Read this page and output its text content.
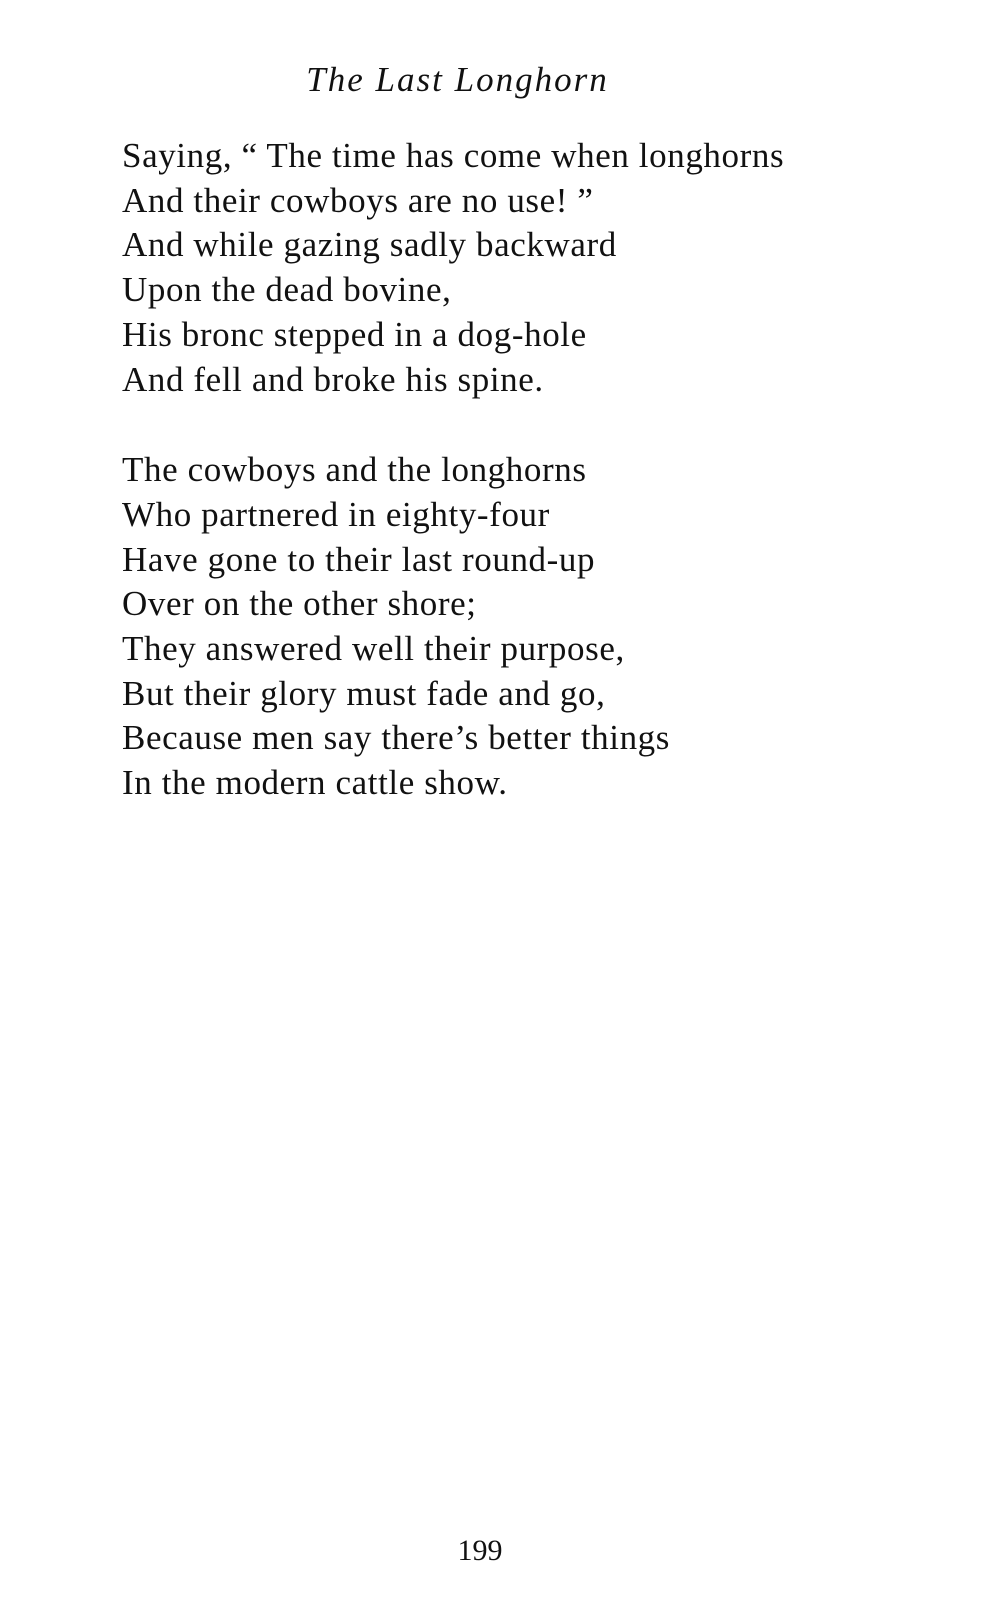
The Last Longhorn
Saying, “ The time has come when longhorns
And their cowboys are no use! ”
And while gazing sadly backward
Upon the dead bovine,
His bronc stepped in a dog-hole
And fell and broke his spine.
The cowboys and the longhorns
Who partnered in eighty-four
Have gone to their last round-up
Over on the other shore;
They answered well their purpose,
But their glory must fade and go,
Because men say there’s better things
In the modern cattle show.
199
